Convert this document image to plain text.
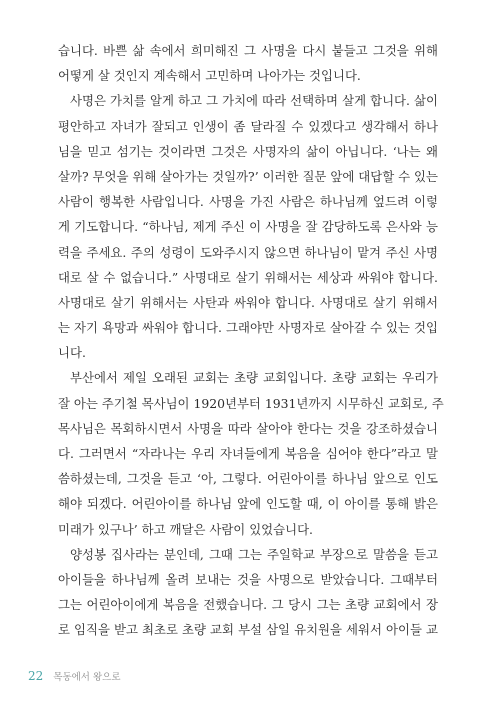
습니다. 바쁜 삶 속에서 희미해진 그 사명을 다시 붙들고 그것을 위해
어떻게 살 것인지 계속해서 고민하며 나아가는 것입니다.
사명은 가치를 알게 하고 그 가치에 따라 선택하며 살게 합니다. 삶이
평안하고 자녀가 잘되고 인생이 좀 달라질 수 있겠다고 생각해서 하나
님을 믿고 섬기는 것이라면 그것은 사명자의 삶이 아닙니다. ‘나는 왜
살까? 무엇을 위해 살아가는 것일까?’ 이러한 질문 앞에 대답할 수 있는
사람이 행복한 사람입니다. 사명을 가진 사람은 하나님께 엎드려 이렇
게 기도합니다. “하나님, 제게 주신 이 사명을 잘 감당하도록 은사와 능
력을 주세요. 주의 성령이 도와주시지 않으면 하나님이 맡겨 주신 사명
대로 살 수 없습니다.” 사명대로 살기 위해서는 세상과 싸워야 합니다.
사명대로 살기 위해서는 사탄과 싸워야 합니다. 사명대로 살기 위해서
는 자기 욕망과 싸워야 합니다. 그래야만 사명자로 살아갈 수 있는 것입
니다.
부산에서 제일 오래된 교회는 초량 교회입니다. 초량 교회는 우리가
잘 아는 주기철 목사님이 1920년부터 1931년까지 시무하신 교회로, 주
목사님은 목회하시면서 사명을 따라 살아야 한다는 것을 강조하셨습니
다. 그러면서 “자라나는 우리 자녀들에게 복음을 심어야 한다”라고 말
씀하셨는데, 그것을 듣고 ‘아, 그렇다. 어린아이를 하나님 앞으로 인도
해야 되겠다. 어린아이를 하나님 앞에 인도할 때, 이 아이를 통해 밝은
미래가 있구나’ 하고 깨달은 사람이 있었습니다.
양성봉 집사라는 분인데, 그때 그는 주일학교 부장으로 말씀을 듣고
아이들을 하나님께 올려 보내는 것을 사명으로 받았습니다. 그때부터
그는 어린아이에게 복음을 전했습니다. 그 당시 그는 초량 교회에서 장
로 임직을 받고 최초로 초량 교회 부설 삼일 유치원을 세워서 아이들 교
22 목동에서 왕으로
